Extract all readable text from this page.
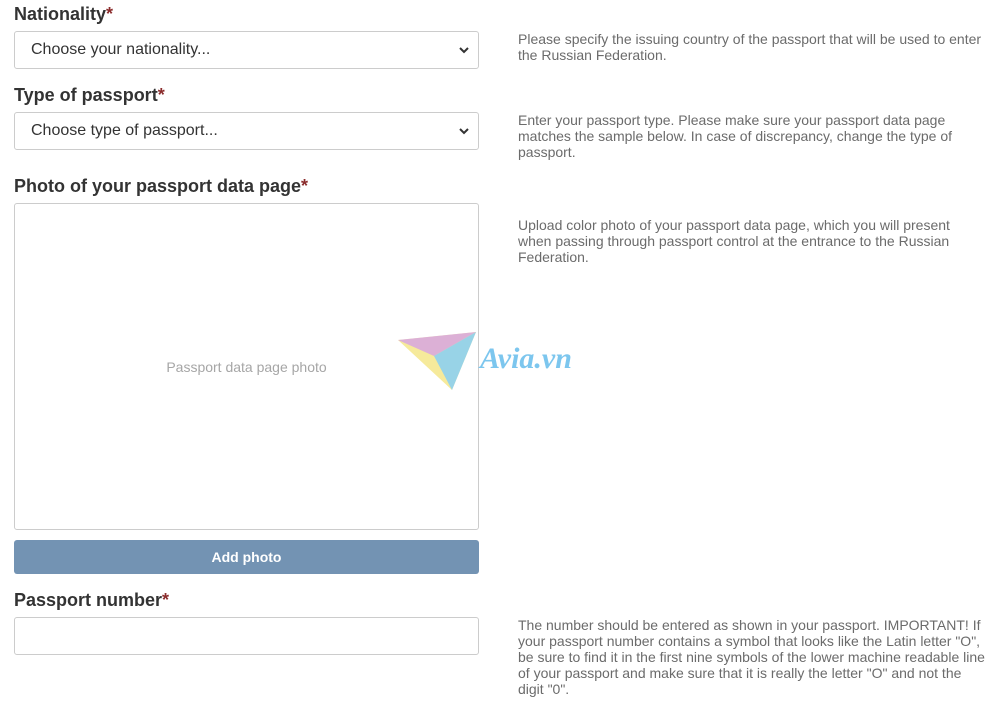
Nationality*
Choose your nationality...
Please specify the issuing country of the passport that will be used to enter the Russian Federation.
Type of passport*
Choose type of passport...
Enter your passport type. Please make sure your passport data page matches the sample below. In case of discrepancy, change the type of passport.
Photo of your passport data page*
Passport data page photo
Upload color photo of your passport data page, which you will present when passing through passport control at the entrance to the Russian Federation.
Add photo
Avia.vn
Passport number*
The number should be entered as shown in your passport. IMPORTANT! If your passport number contains a symbol that looks like the Latin letter "O", be sure to find it in the first nine symbols of the lower machine readable line of your passport and make sure that it is really the letter "O" and not the digit "0".
